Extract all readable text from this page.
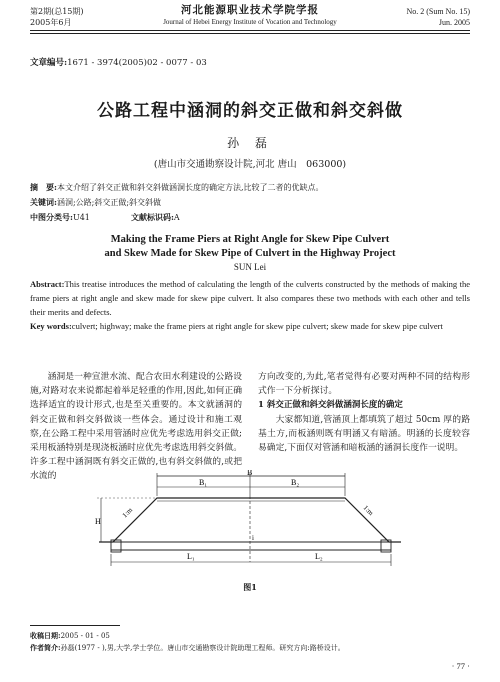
第2期(总15期)
2005年6月
河北能源职业技术学院学报
Journal of Hebei Energy Institute of Vocation and Technology
No. 2 (Sum No. 15)
Jun. 2005
文章编号:1671 - 3974(2005)02 - 0077 - 03
公路工程中涵洞的斜交正做和斜交斜做
孙 磊
(唐山市交通勘察设计院,河北 唐山　063000)
摘　要:本文介绍了斜交正做和斜交斜做涵洞长度的确定方法,比较了二者的优缺点。
关键词:涵洞;公路;斜交正做;斜交斜做
中图分类号:U41	文献标识码:A
Making the Frame Piers at Right Angle for Skew Pipe Culvert
and Skew Made for Skew Pipe of Culvert in the Highway Project
SUN Lei
Abstract:This treatise introduces the method of calculating the length of the culverts constructed by the methods of making the frame piers at right angle and skew made for skew pipe culvert. It also compares these two methods with each other and tells their merits and defects.
Key words:culvert; highway; make the frame piers at right angle for skew pipe culvert; skew made for skew pipe culvert
涵洞是一种宣泄水流、配合农田水利建设的公路设施,对路对农来说都起着举足轻重的作用,因此,如何正确选择适宜的设计形式,也是至关重要的。本文就涵洞的斜交正做和斜交斜做谈一些体会。通过设计和施工观察,在公路工程中采用管涵时应优先考虑选用斜交正做;采用板涵特别是现浇板涵时应优先考虑选用斜交斜做。许多工程中涵洞既有斜交正做的,也有斜交斜做的,或把水流的
方向改变的,为此,笔者觉得有必要对两种不同的结构形式作一下分析探讨。
1 斜交正做和斜交斜做涵洞长度的确定
大家都知道,管涵顶上都填筑了超过 50cm 厚的路基土方,而板涵则既有明涵又有暗涵。明涵的长度较容易确定,下面仅对管涵和暗板涵的涵洞长度作一说明。
B
B₁	B₂
1:m	1:m
i
H
L₁	L₂
图1
收稿日期:2005 - 01 - 05
作者简介:孙磊(1977 - ),男,大学,学士学位。唐山市交通勘察设计院助理工程师。研究方向:路桥设计。
· 77 ·
